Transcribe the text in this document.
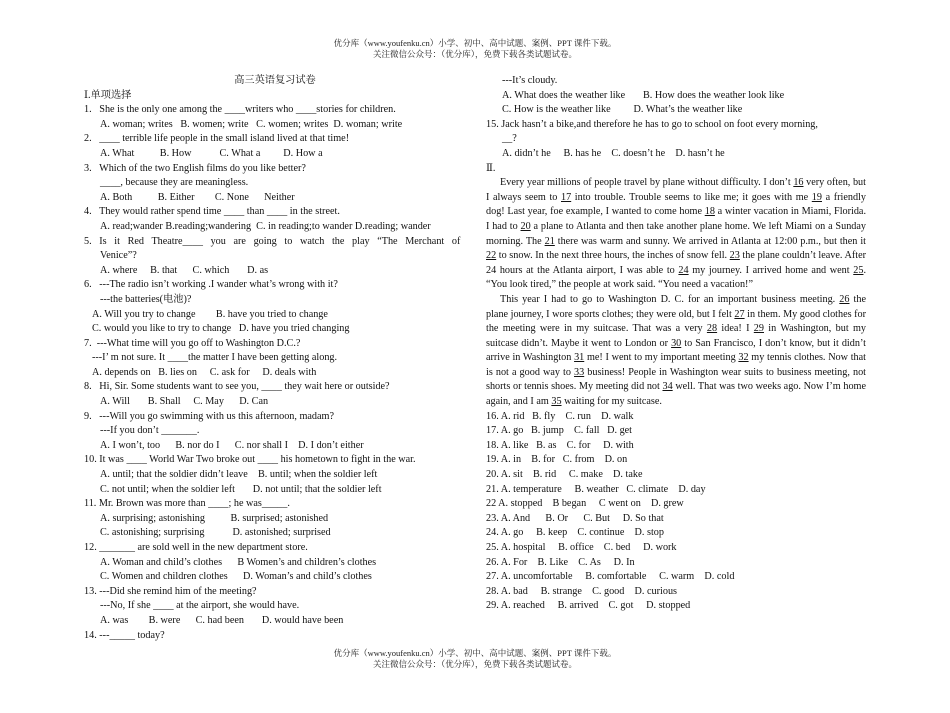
优分库（www.youfenku.cn）小学、初中、高中试题、案例、PPT 课件下载。
关注微信公众号：（优分库），免费下载各类试题试卷。
高三英语复习试卷
Ⅰ.单项选择
1.   She is the only one among the ____writers who ____stories for children.
A. woman; writes   B. women; write   C. women; writes  D. woman; write
2.   ____ terrible life people in the small island lived at that time!
A. What          B. How           C. What a         D. How a
3.   Which of the two English films do you like better?
____, because they are meaningless.
A. Both          B. Either        C. None      Neither
4.   They would rather spend time ____ than ____ in the street.
A. read;wander B.reading;wandering  C. in reading;to wander D.reading; wander
5.   Is   it   Red   Theatre____   you   are   going   to   watch   the   play   “The   Merchant   of
Venice”?
A. where     B. that      C. which       D. as
6.   ---The radio isn’t working .I wander what’s wrong with it?
---the batteries(电池)?
A. Will you try to change        B. have you tried to change
C. would you like to try to change   D. have you tried changing
7.  ---What time will you go off to Washington D.C.?
---I’ m not sure. It ____the matter I have been getting along.
A. depends on   B. lies on     C. ask for     D. deals with
8.   Hi, Sir. Some students want to see you, ____ they wait here or outside?
A. Will       B. Shall     C. May      D. Can
9.   ---Will you go swimming with us this afternoon, madam?
---If you don’t _______.
A. I won’t, too      B. nor do I      C. nor shall I    D. I don’t either
10. It was ____ World War Two broke out ____ his hometown to fight in the war.
A. until; that the soldier didn’t leave    B. until; when the soldier left
C. not until; when the soldier left       D. not until; that the soldier left
11. Mr. Brown was more than ____; he was_____.
A. surprising; astonishing          B. surprised; astonished
C. astonishing; surprising           D. astonished; surprised
12. _______ are sold well in the new department store.
A. Woman and child’s clothes      B Women’s and children’s clothes
C. Women and children clothes      D. Woman’s and child’s clothes
13. ---Did she remind him of the meeting?
---No, If she ____ at the airport, she would have.
A. was        B. were      C. had been       D. would have been
14. ---_____ today?
---It’s cloudy.
A. What does the weather like       B. How does the weather look like
C. How is the weather like         D. What’s the weather like
15. Jack hasn’t a bike,and therefore he has to go to school on foot every morning,
__?
A. didn’t he     B. has he    C. doesn’t he    D. hasn’t he
Ⅱ.
Every year millions of people travel by plane without difficulty. I don’t 16 very often, but I always seem to 17 into trouble. Trouble seems to like me; it goes with me 19 a friendly dog! Last year, foe example, I wanted to come home 18 a winter vacation in Miami, Florida. I had to 20 a plane to Atlanta and then take another plane home. We left Miami on a Sunday morning. The 21 there was warm and sunny. We arrived in Atlanta at 12:00 p.m., but then it 22 to snow. In the next three hours, the inches of snow fell. 23 the plane couldn’t leave. After 24 hours at the Atlanta airport, I was able to 24 my journey. I arrived home and went 25. “You look tired,” the people at work said. “You need a vacation!”
This year I had to go to Washington D. C. for an important business meeting. 26 the plane journey, I wore sports clothes; they were old, but I felt 27 in them. My good clothes for the meeting were in my suitcase. That was a very 28 idea! I 29 in Washington, but my suitcase didn’t. Maybe it went to London or 30 to San Francisco, I don’t know, but it didn’t arrive in Washington 31 me! I went to my important meeting 32 my tennis clothes. Now that is not a good way to 33 business! People in Washington wear suits to business meeting, not shorts or tennis shoes. My meeting did not 34 well. That was two weeks ago. Now I’m home again, and I am 35 waiting for my suitcase.
16. A. rid   B. fly    C. run    D. walk
17. A. go   B. jump    C. fall   D. get
18. A. like   B. as    C. for     D. with
19. A. in    B. for   C. from    D. on
20. A. sit    B. rid     C. make    D. take
21. A. temperature     B. weather   C. climate    D. day
22 A. stopped    B began     C went on    D. grew
23. A. And      B. Or      C. But     D. So that
24. A. go     B. keep    C. continue    D. stop
25. A. hospital     B. office    C. bed     D. work
26. A. For    B. Like    C. As     D. In
27. A. uncomfortable     B. comfortable     C. warm    D. cold
28. A. bad     B. strange    C. good    D. curious
29. A. reached     B. arrived    C. got     D. stopped
优分库（www.youfenku.cn）小学、初中、高中试题、案例、PPT 课件下载。
关注微信公众号：（优分库），免费下载各类试题试卷。
